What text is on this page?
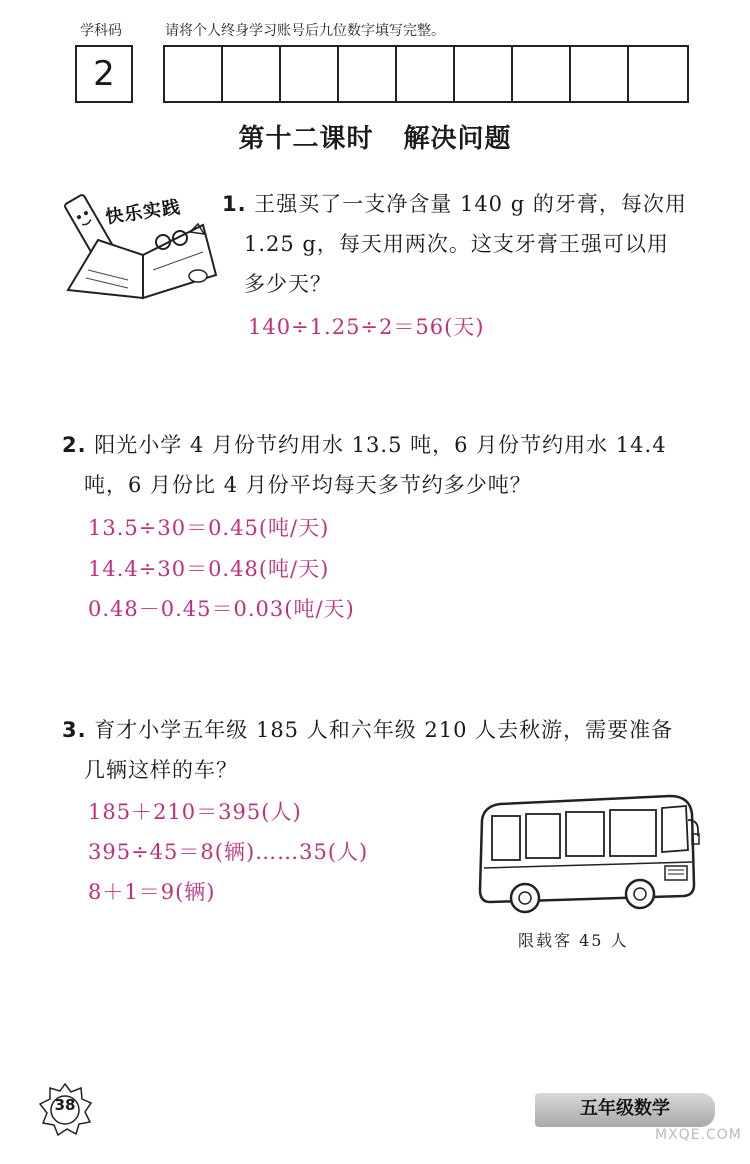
学科码	请将个人终身学习账号后九位数字填写完整。
2
第十二课时 解决问题
快乐实践 1. 王强买了一支净含量 140 g 的牙膏，每次用
1.25 g，每天用两次。这支牙膏王强可以用
多少天？
140÷1.25÷2＝56(天)
2. 阳光小学 4 月份节约用水 13.5 吨，6 月份节约用水 14.4
吨，6 月份比 4 月份平均每天多节约多少吨？
13.5÷30＝0.45(吨/天)
14.4÷30＝0.48(吨/天)
0.48－0.45＝0.03(吨/天)
3. 育才小学五年级 185 人和六年级 210 人去秋游，需要准备
几辆这样的车？
185＋210＝395(人)
395÷45＝8(辆)……35(人)
8＋1＝9(辆)
限载客 45 人
38	五年级数学
MXQE.COM
